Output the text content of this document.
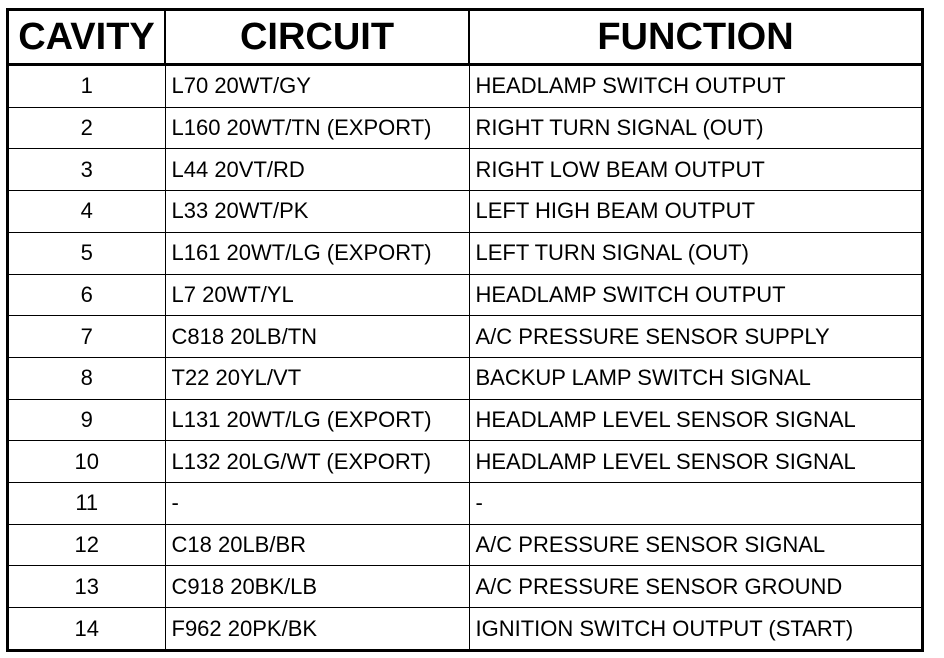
CAVITY	CIRCUIT	FUNCTION
1	L70 20WT/GY	HEADLAMP SWITCH OUTPUT
2	L160 20WT/TN (EXPORT)	RIGHT TURN SIGNAL (OUT)
3	L44 20VT/RD	RIGHT LOW BEAM OUTPUT
4	L33 20WT/PK	LEFT HIGH BEAM OUTPUT
5	L161 20WT/LG (EXPORT)	LEFT TURN SIGNAL (OUT)
6	L7 20WT/YL	HEADLAMP SWITCH OUTPUT
7	C818 20LB/TN	A/C PRESSURE SENSOR SUPPLY
8	T22 20YL/VT	BACKUP LAMP SWITCH SIGNAL
9	L131 20WT/LG (EXPORT)	HEADLAMP LEVEL SENSOR SIGNAL
10	L132 20LG/WT (EXPORT)	HEADLAMP LEVEL SENSOR SIGNAL
11	-	-
12	C18 20LB/BR	A/C PRESSURE SENSOR SIGNAL
13	C918 20BK/LB	A/C PRESSURE SENSOR GROUND
14	F962 20PK/BK	IGNITION SWITCH OUTPUT (START)
